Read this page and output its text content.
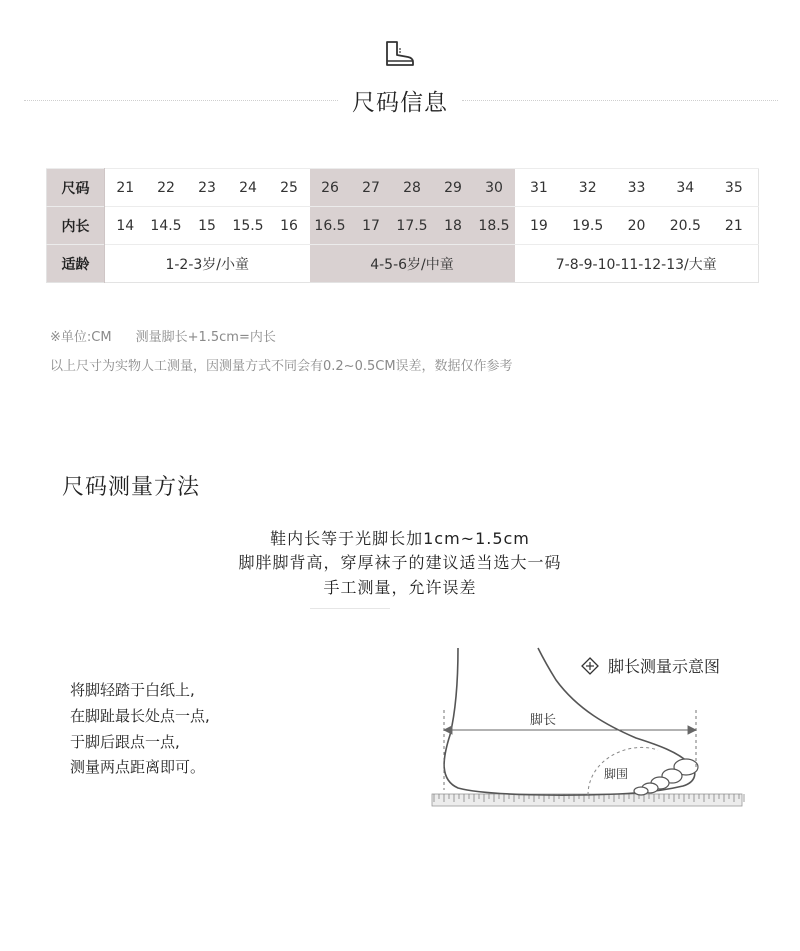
尺码信息
尺码	21	22	23	24	25	26	27	28	29	30	31	32	33	34	35
内长	14	14.5	15	15.5	16	16.5	17	17.5	18	18.5	19	19.5	20	20.5	21
适龄	1-2-3岁/小童					4-5-6岁/中童					7-8-9-10-11-12-13/大童				
※单位:CM 测量脚长+1.5cm=内长
以上尺寸为实物人工测量，因测量方式不同会有0.2~0.5CM误差，数据仅作参考
尺码测量方法
鞋内长等于光脚长加1cm~1.5cm
脚胖脚背高，穿厚袜子的建议适当选大一码
手工测量，允许误差
将脚轻踏于白纸上,
在脚趾最长处点一点,
于脚后跟点一点,
测量两点距离即可。
脚长
脚围
脚长测量示意图
